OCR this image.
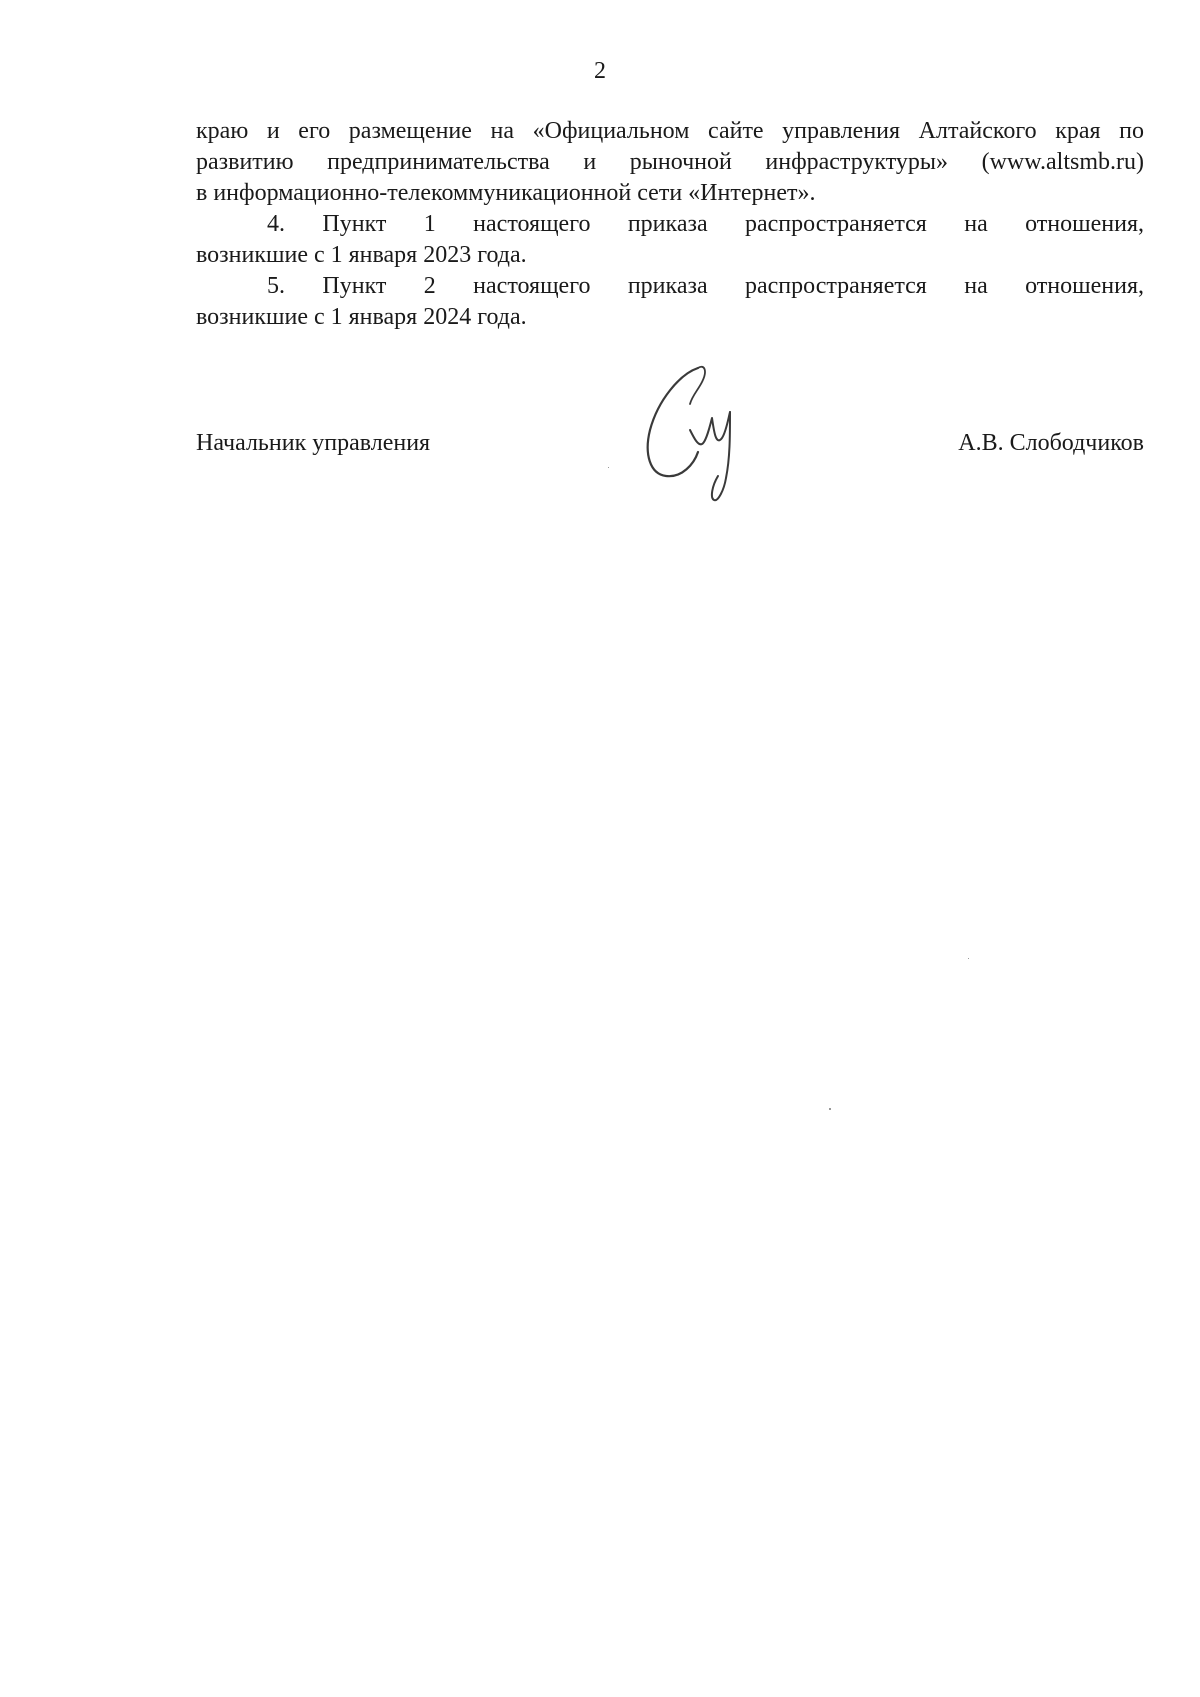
2

краю и его размещение на «Официальном сайте управления Алтайского края по
развитию предпринимательства и рыночной инфраструктуры» (www.altsmb.ru)
в информационно-телекоммуникационной сети «Интернет».

4. Пункт 1 настоящего приказа распространяется на отношения,
возникшие с 1 января 2023 года.

5. Пункт 2 настоящего приказа распространяется на отношения,
возникшие с 1 января 2024 года.

Начальник управления	А.В. Слободчиков
